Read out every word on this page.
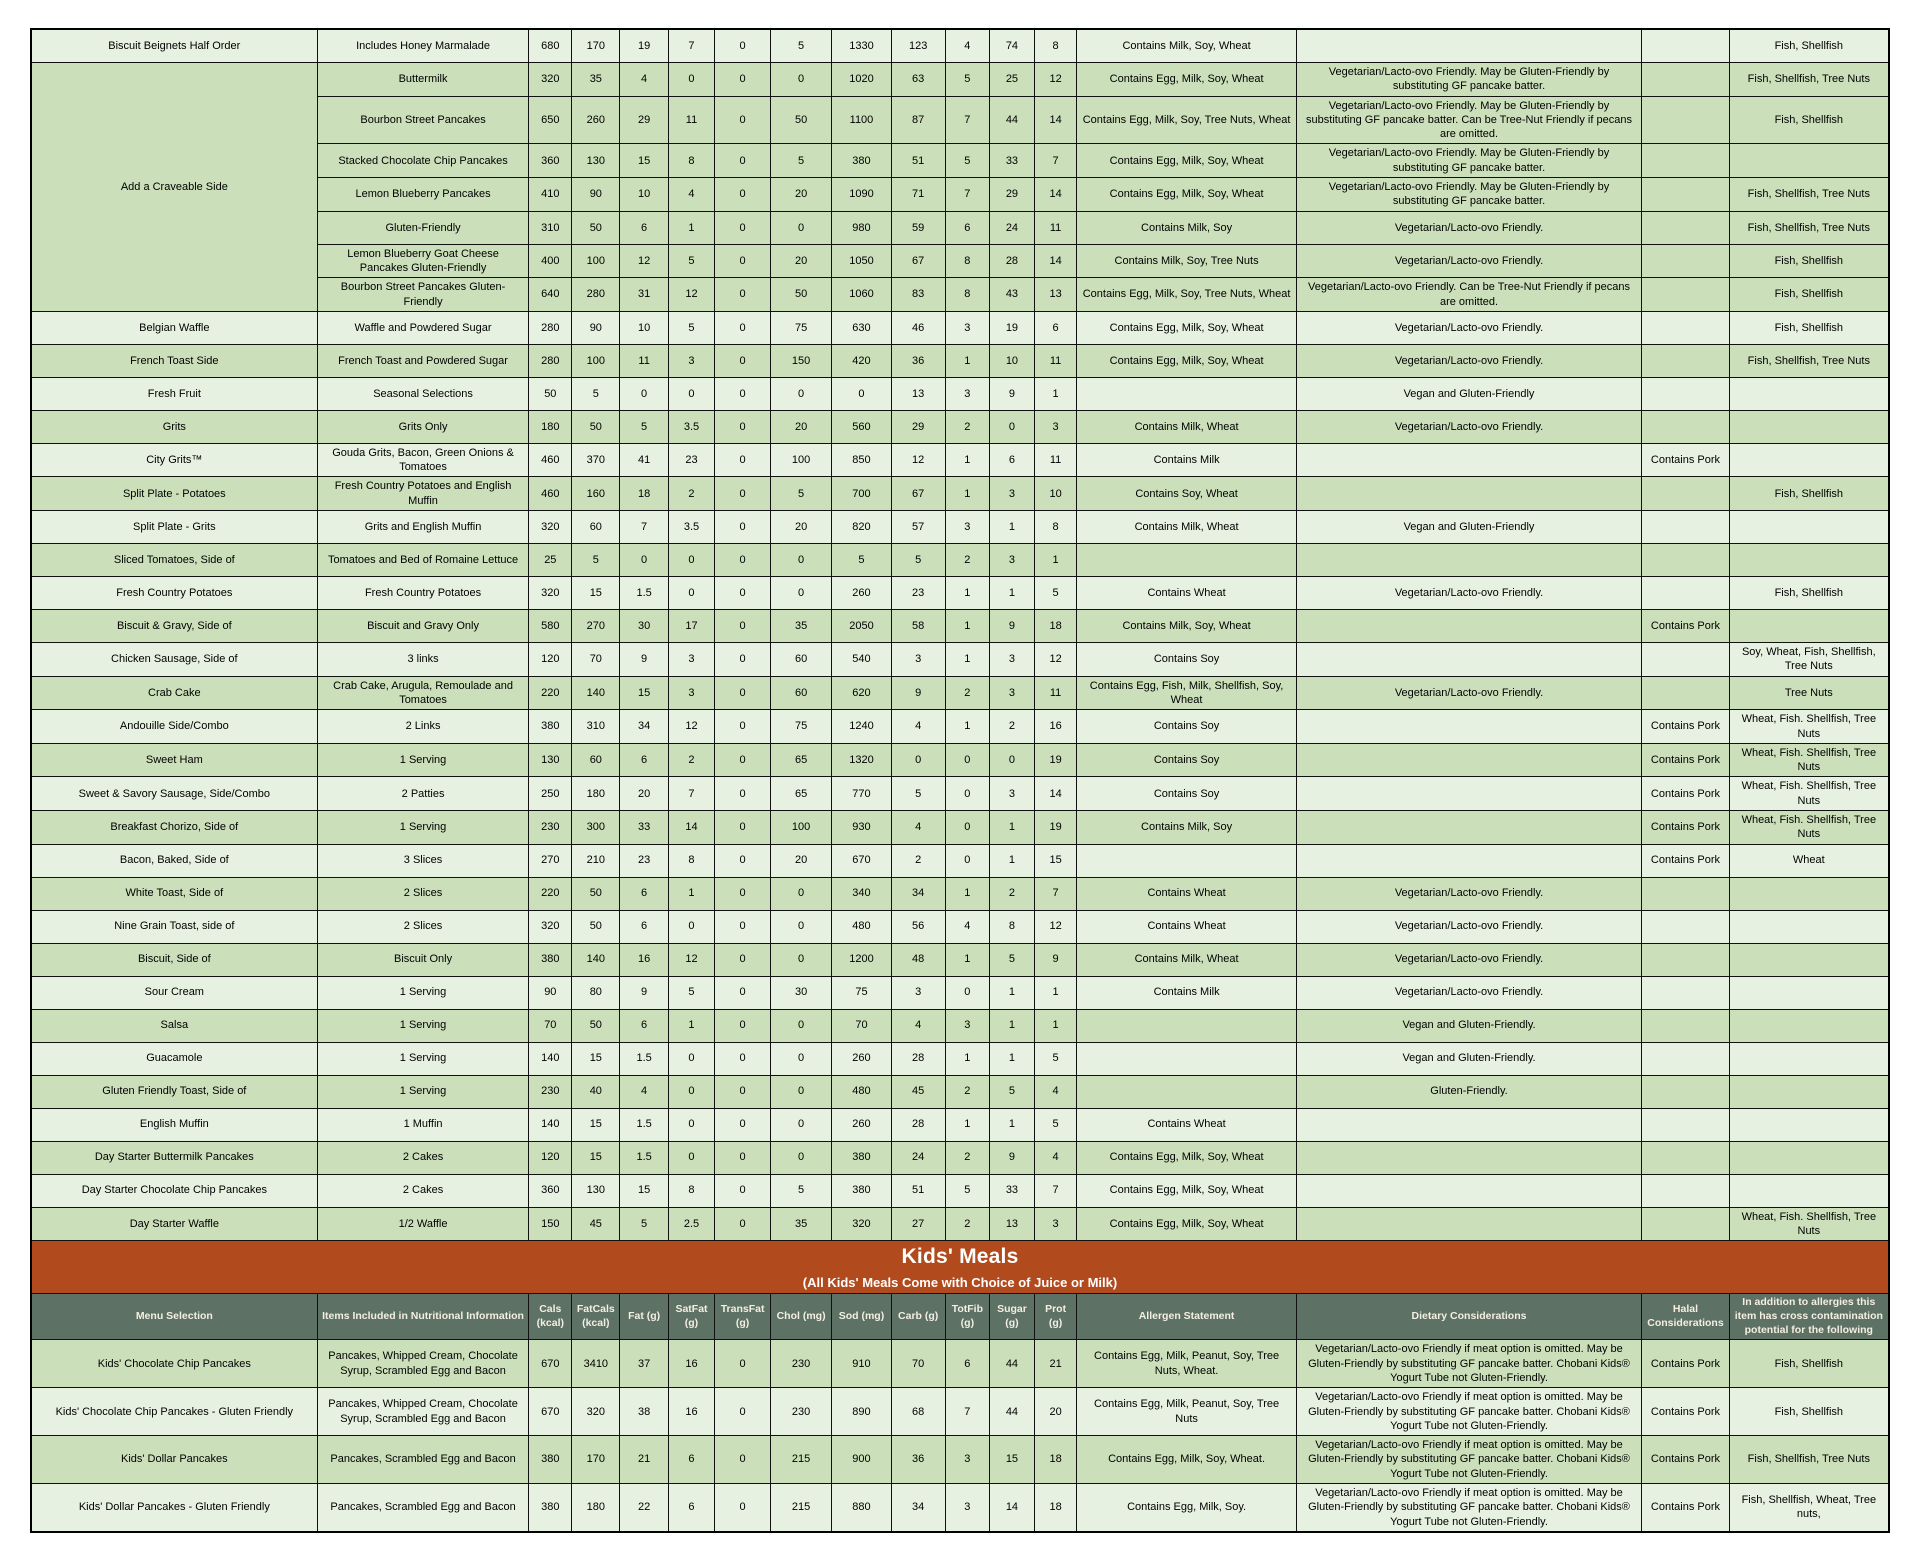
Biscuit Beignets Half Order	Includes Honey Marmalade	680	170	19	7	0	5	1330	123	4	74	8	Contains Milk, Soy, Wheat			Fish, Shellfish
Add a Craveable Side	Buttermilk	320	35	4	0	0	0	1020	63	5	25	12	Contains Egg, Milk, Soy, Wheat	Vegetarian/Lacto-ovo Friendly. May be Gluten-Friendly by substituting GF pancake batter.		Fish, Shellfish, Tree Nuts
	Bourbon Street Pancakes	650	260	29	11	0	50	1100	87	7	44	14	Contains Egg, Milk, Soy, Tree Nuts, Wheat	Vegetarian/Lacto-ovo Friendly. May be Gluten-Friendly by substituting GF pancake batter. Can be Tree-Nut Friendly if pecans are omitted.		Fish, Shellfish
	Stacked Chocolate Chip Pancakes	360	130	15	8	0	5	380	51	5	33	7	Contains Egg, Milk, Soy, Wheat	Vegetarian/Lacto-ovo Friendly. May be Gluten-Friendly by substituting GF pancake batter.		
	Lemon Blueberry Pancakes	410	90	10	4	0	20	1090	71	7	29	14	Contains Egg, Milk, Soy, Wheat	Vegetarian/Lacto-ovo Friendly. May be Gluten-Friendly by substituting GF pancake batter.		Fish, Shellfish, Tree Nuts
	Gluten-Friendly	310	50	6	1	0	0	980	59	6	24	11	Contains Milk, Soy	Vegetarian/Lacto-ovo Friendly.		Fish, Shellfish, Tree Nuts
	Lemon Blueberry Goat Cheese Pancakes Gluten-Friendly	400	100	12	5	0	20	1050	67	8	28	14	Contains Milk, Soy, Tree Nuts	Vegetarian/Lacto-ovo Friendly.		Fish, Shellfish
	Bourbon Street Pancakes Gluten-Friendly	640	280	31	12	0	50	1060	83	8	43	13	Contains Egg, Milk, Soy, Tree Nuts, Wheat	Vegetarian/Lacto-ovo Friendly. Can be Tree-Nut Friendly if pecans are omitted.		Fish, Shellfish
Belgian Waffle	Waffle and Powdered Sugar	280	90	10	5	0	75	630	46	3	19	6	Contains Egg, Milk, Soy, Wheat	Vegetarian/Lacto-ovo Friendly.		Fish, Shellfish
French Toast Side	French Toast and Powdered Sugar	280	100	11	3	0	150	420	36	1	10	11	Contains Egg, Milk, Soy, Wheat	Vegetarian/Lacto-ovo Friendly.		Fish, Shellfish, Tree Nuts
Fresh Fruit	Seasonal Selections	50	5	0	0	0	0	0	13	3	9	1		Vegan and Gluten-Friendly		
Grits	Grits Only	180	50	5	3.5	0	20	560	29	2	0	3	Contains Milk, Wheat	Vegetarian/Lacto-ovo Friendly.		
City Grits™	Gouda Grits, Bacon, Green Onions & Tomatoes	460	370	41	23	0	100	850	12	1	6	11	Contains Milk		Contains Pork	
Split Plate - Potatoes	Fresh Country Potatoes and English Muffin	460	160	18	2	0	5	700	67	1	3	10	Contains Soy, Wheat			Fish, Shellfish
Split Plate - Grits	Grits and English Muffin	320	60	7	3.5	0	20	820	57	3	1	8	Contains Milk, Wheat	Vegan and Gluten-Friendly		
Sliced Tomatoes, Side of	Tomatoes and Bed of Romaine Lettuce	25	5	0	0	0	0	5	5	2	3	1				
Fresh Country Potatoes	Fresh Country Potatoes	320	15	1.5	0	0	0	260	23	1	1	5	Contains Wheat	Vegetarian/Lacto-ovo Friendly.		Fish, Shellfish
Biscuit & Gravy, Side of	Biscuit and Gravy Only	580	270	30	17	0	35	2050	58	1	9	18	Contains Milk, Soy, Wheat		Contains Pork	
Chicken Sausage, Side of	3 links	120	70	9	3	0	60	540	3	1	3	12	Contains Soy			Soy, Wheat, Fish, Shellfish, Tree Nuts
Crab Cake	Crab Cake, Arugula, Remoulade and Tomatoes	220	140	15	3	0	60	620	9	2	3	11	Contains Egg, Fish, Milk, Shellfish, Soy, Wheat	Vegetarian/Lacto-ovo Friendly.		Tree Nuts
Andouille Side/Combo	2 Links	380	310	34	12	0	75	1240	4	1	2	16	Contains Soy		Contains Pork	Wheat, Fish. Shellfish, Tree Nuts
Sweet Ham	1 Serving	130	60	6	2	0	65	1320	0	0	0	19	Contains Soy		Contains Pork	Wheat, Fish. Shellfish, Tree Nuts
Sweet & Savory Sausage, Side/Combo	2 Patties	250	180	20	7	0	65	770	5	0	3	14	Contains Soy		Contains Pork	Wheat, Fish. Shellfish, Tree Nuts
Breakfast Chorizo, Side of	1 Serving	230	300	33	14	0	100	930	4	0	1	19	Contains Milk, Soy		Contains Pork	Wheat, Fish. Shellfish, Tree Nuts
Bacon, Baked, Side of	3 Slices	270	210	23	8	0	20	670	2	0	1	15			Contains Pork	Wheat
White Toast, Side of	2 Slices	220	50	6	1	0	0	340	34	1	2	7	Contains Wheat	Vegetarian/Lacto-ovo Friendly.		
Nine Grain Toast, side of	2 Slices	320	50	6	0	0	0	480	56	4	8	12	Contains Wheat	Vegetarian/Lacto-ovo Friendly.		
Biscuit, Side of	Biscuit Only	380	140	16	12	0	0	1200	48	1	5	9	Contains Milk, Wheat	Vegetarian/Lacto-ovo Friendly.		
Sour Cream	1 Serving	90	80	9	5	0	30	75	3	0	1	1	Contains Milk	Vegetarian/Lacto-ovo Friendly.		
Salsa	1 Serving	70	50	6	1	0	0	70	4	3	1	1		Vegan and Gluten-Friendly.		
Guacamole	1 Serving	140	15	1.5	0	0	0	260	28	1	1	5		Vegan and Gluten-Friendly.		
Gluten Friendly Toast, Side of	1 Serving	230	40	4	0	0	0	480	45	2	5	4		Gluten-Friendly.		
English Muffin	1 Muffin	140	15	1.5	0	0	0	260	28	1	1	5	Contains Wheat			
Day Starter Buttermilk Pancakes	2 Cakes	120	15	1.5	0	0	0	380	24	2	9	4	Contains Egg, Milk, Soy, Wheat			
Day Starter Chocolate Chip Pancakes	2 Cakes	360	130	15	8	0	5	380	51	5	33	7	Contains Egg, Milk, Soy, Wheat			
Day Starter Waffle	1/2 Waffle	150	45	5	2.5	0	35	320	27	2	13	3	Contains Egg, Milk, Soy, Wheat			Wheat, Fish. Shellfish, Tree Nuts

Kids' Meals
(All Kids' Meals Come with Choice of Juice or Milk)																

Menu Selection	Items Included in Nutritional Information	Cals (kcal)	FatCals (kcal)	Fat (g)	SatFat (g)	TransFat (g)	Chol (mg)	Sod (mg)	Carb (g)	TotFib (g)	Sugar (g)	Prot (g)	Allergen Statement	Dietary Considerations	Halal Considerations	In addition to allergies this item has cross contamination potential for the following
Kids' Chocolate Chip Pancakes	Pancakes, Whipped Cream, Chocolate Syrup, Scrambled Egg and Bacon	670	3410	37	16	0	230	910	70	6	44	21	Contains Egg, Milk, Peanut, Soy, Tree Nuts, Wheat.	Vegetarian/Lacto-ovo Friendly if meat option is omitted. May be Gluten-Friendly by substituting GF pancake batter. Chobani Kids® Yogurt Tube not Gluten-Friendly.	Contains Pork	Fish, Shellfish
Kids' Chocolate Chip Pancakes - Gluten Friendly	Pancakes, Whipped Cream, Chocolate Syrup, Scrambled Egg and Bacon	670	320	38	16	0	230	890	68	7	44	20	Contains Egg, Milk, Peanut, Soy, Tree Nuts	Vegetarian/Lacto-ovo Friendly if meat option is omitted. May be Gluten-Friendly by substituting GF pancake batter. Chobani Kids® Yogurt Tube not Gluten-Friendly.	Contains Pork	Fish, Shellfish
Kids' Dollar Pancakes	Pancakes, Scrambled Egg and Bacon	380	170	21	6	0	215	900	36	3	15	18	Contains Egg, Milk, Soy, Wheat.	Vegetarian/Lacto-ovo Friendly if meat option is omitted. May be Gluten-Friendly by substituting GF pancake batter. Chobani Kids® Yogurt Tube not Gluten-Friendly.	Contains Pork	Fish, Shellfish, Tree Nuts
Kids' Dollar Pancakes - Gluten Friendly	Pancakes, Scrambled Egg and Bacon	380	180	22	6	0	215	880	34	3	14	18	Contains Egg, Milk, Soy.	Vegetarian/Lacto-ovo Friendly if meat option is omitted. May be Gluten-Friendly by substituting GF pancake batter. Chobani Kids® Yogurt Tube not Gluten-Friendly.	Contains Pork	Fish, Shellfish, Wheat, Tree nuts,
